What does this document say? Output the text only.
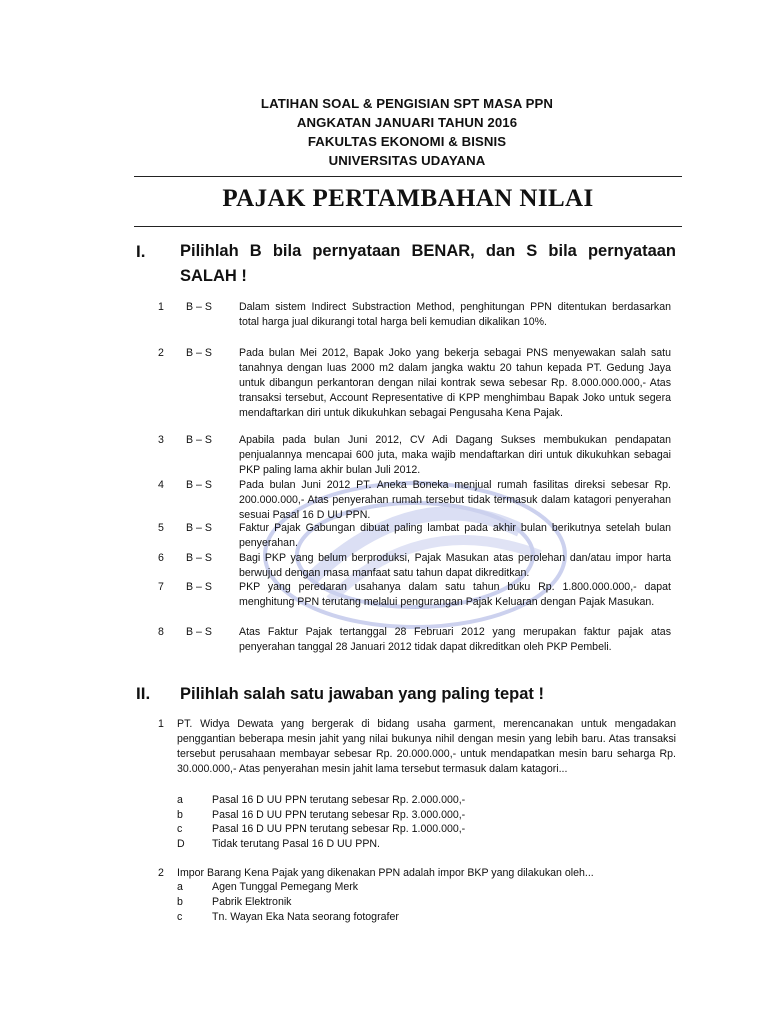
LATIHAN SOAL & PENGISIAN SPT MASA PPN
ANGKATAN JANUARI TAHUN 2016
FAKULTAS EKONOMI & BISNIS
UNIVERSITAS UDAYANA
PAJAK PERTAMBAHAN NILAI
I. Pilihlah B bila pernyataan BENAR, dan S bila pernyataan SALAH !
1	B – S	Dalam sistem Indirect Substraction Method, penghitungan PPN ditentukan berdasarkan total harga jual dikurangi total harga beli kemudian dikalikan 10%.
2	B – S	Pada bulan Mei 2012, Bapak Joko yang bekerja sebagai PNS menyewakan salah satu tanahnya dengan luas 2000 m2 dalam jangka waktu 20 tahun kepada PT. Gedung Jaya untuk dibangun perkantoran dengan nilai kontrak sewa sebesar Rp. 8.000.000.000,- Atas transaksi tersebut, Account Representative di KPP menghimbau Bapak Joko untuk segera mendaftarkan diri untuk dikukuhkan sebagai Pengusaha Kena Pajak.
3	B – S	Apabila pada bulan Juni 2012, CV Adi Dagang Sukses membukukan pendapatan penjualannya mencapai 600 juta, maka wajib mendaftarkan diri untuk dikukuhkan sebagai PKP paling lama akhir bulan Juli 2012.
4	B – S	Pada bulan Juni 2012 PT. Aneka Boneka menjual rumah fasilitas direksi sebesar Rp. 200.000.000,- Atas penyerahan rumah tersebut tidak termasuk dalam katagori penyerahan sesuai Pasal 16 D UU PPN.
5	B – S	Faktur Pajak Gabungan dibuat paling lambat pada akhir bulan berikutnya setelah bulan penyerahan.
6	B – S	Bagi PKP yang belum berproduksi, Pajak Masukan atas perolehan dan/atau impor harta berwujud dengan masa manfaat satu tahun dapat dikreditkan.
7	B – S	PKP yang peredaran usahanya dalam satu tahun buku Rp. 1.800.000.000,- dapat menghitung PPN terutang melalui pengurangan Pajak Keluaran dengan Pajak Masukan.
8	B – S	Atas Faktur Pajak tertanggal 28 Februari 2012 yang merupakan faktur pajak atas penyerahan tanggal 28 Januari 2012 tidak dapat dikreditkan oleh PKP Pembeli.
II. Pilihlah salah satu jawaban yang paling tepat !
1	PT. Widya Dewata yang bergerak di bidang usaha garment, merencanakan untuk mengadakan penggantian beberapa mesin jahit yang nilai bukunya nihil dengan mesin yang lebih baru. Atas transaksi tersebut perusahaan membayar sebesar Rp. 20.000.000,- untuk mendapatkan mesin baru seharga Rp. 30.000.000,- Atas penyerahan mesin jahit lama tersebut termasuk dalam katagori...
a	Pasal 16 D UU PPN terutang sebesar Rp. 2.000.000,-
b	Pasal 16 D UU PPN terutang sebesar Rp. 3.000.000,-
c	Pasal 16 D UU PPN terutang sebesar Rp. 1.000.000,-
D	Tidak terutang Pasal 16 D UU PPN.
2	Impor Barang Kena Pajak yang dikenakan PPN adalah impor BKP yang dilakukan oleh...
a	Agen Tunggal Pemegang Merk
b	Pabrik Elektronik
c	Tn. Wayan Eka Nata seorang fotografer
